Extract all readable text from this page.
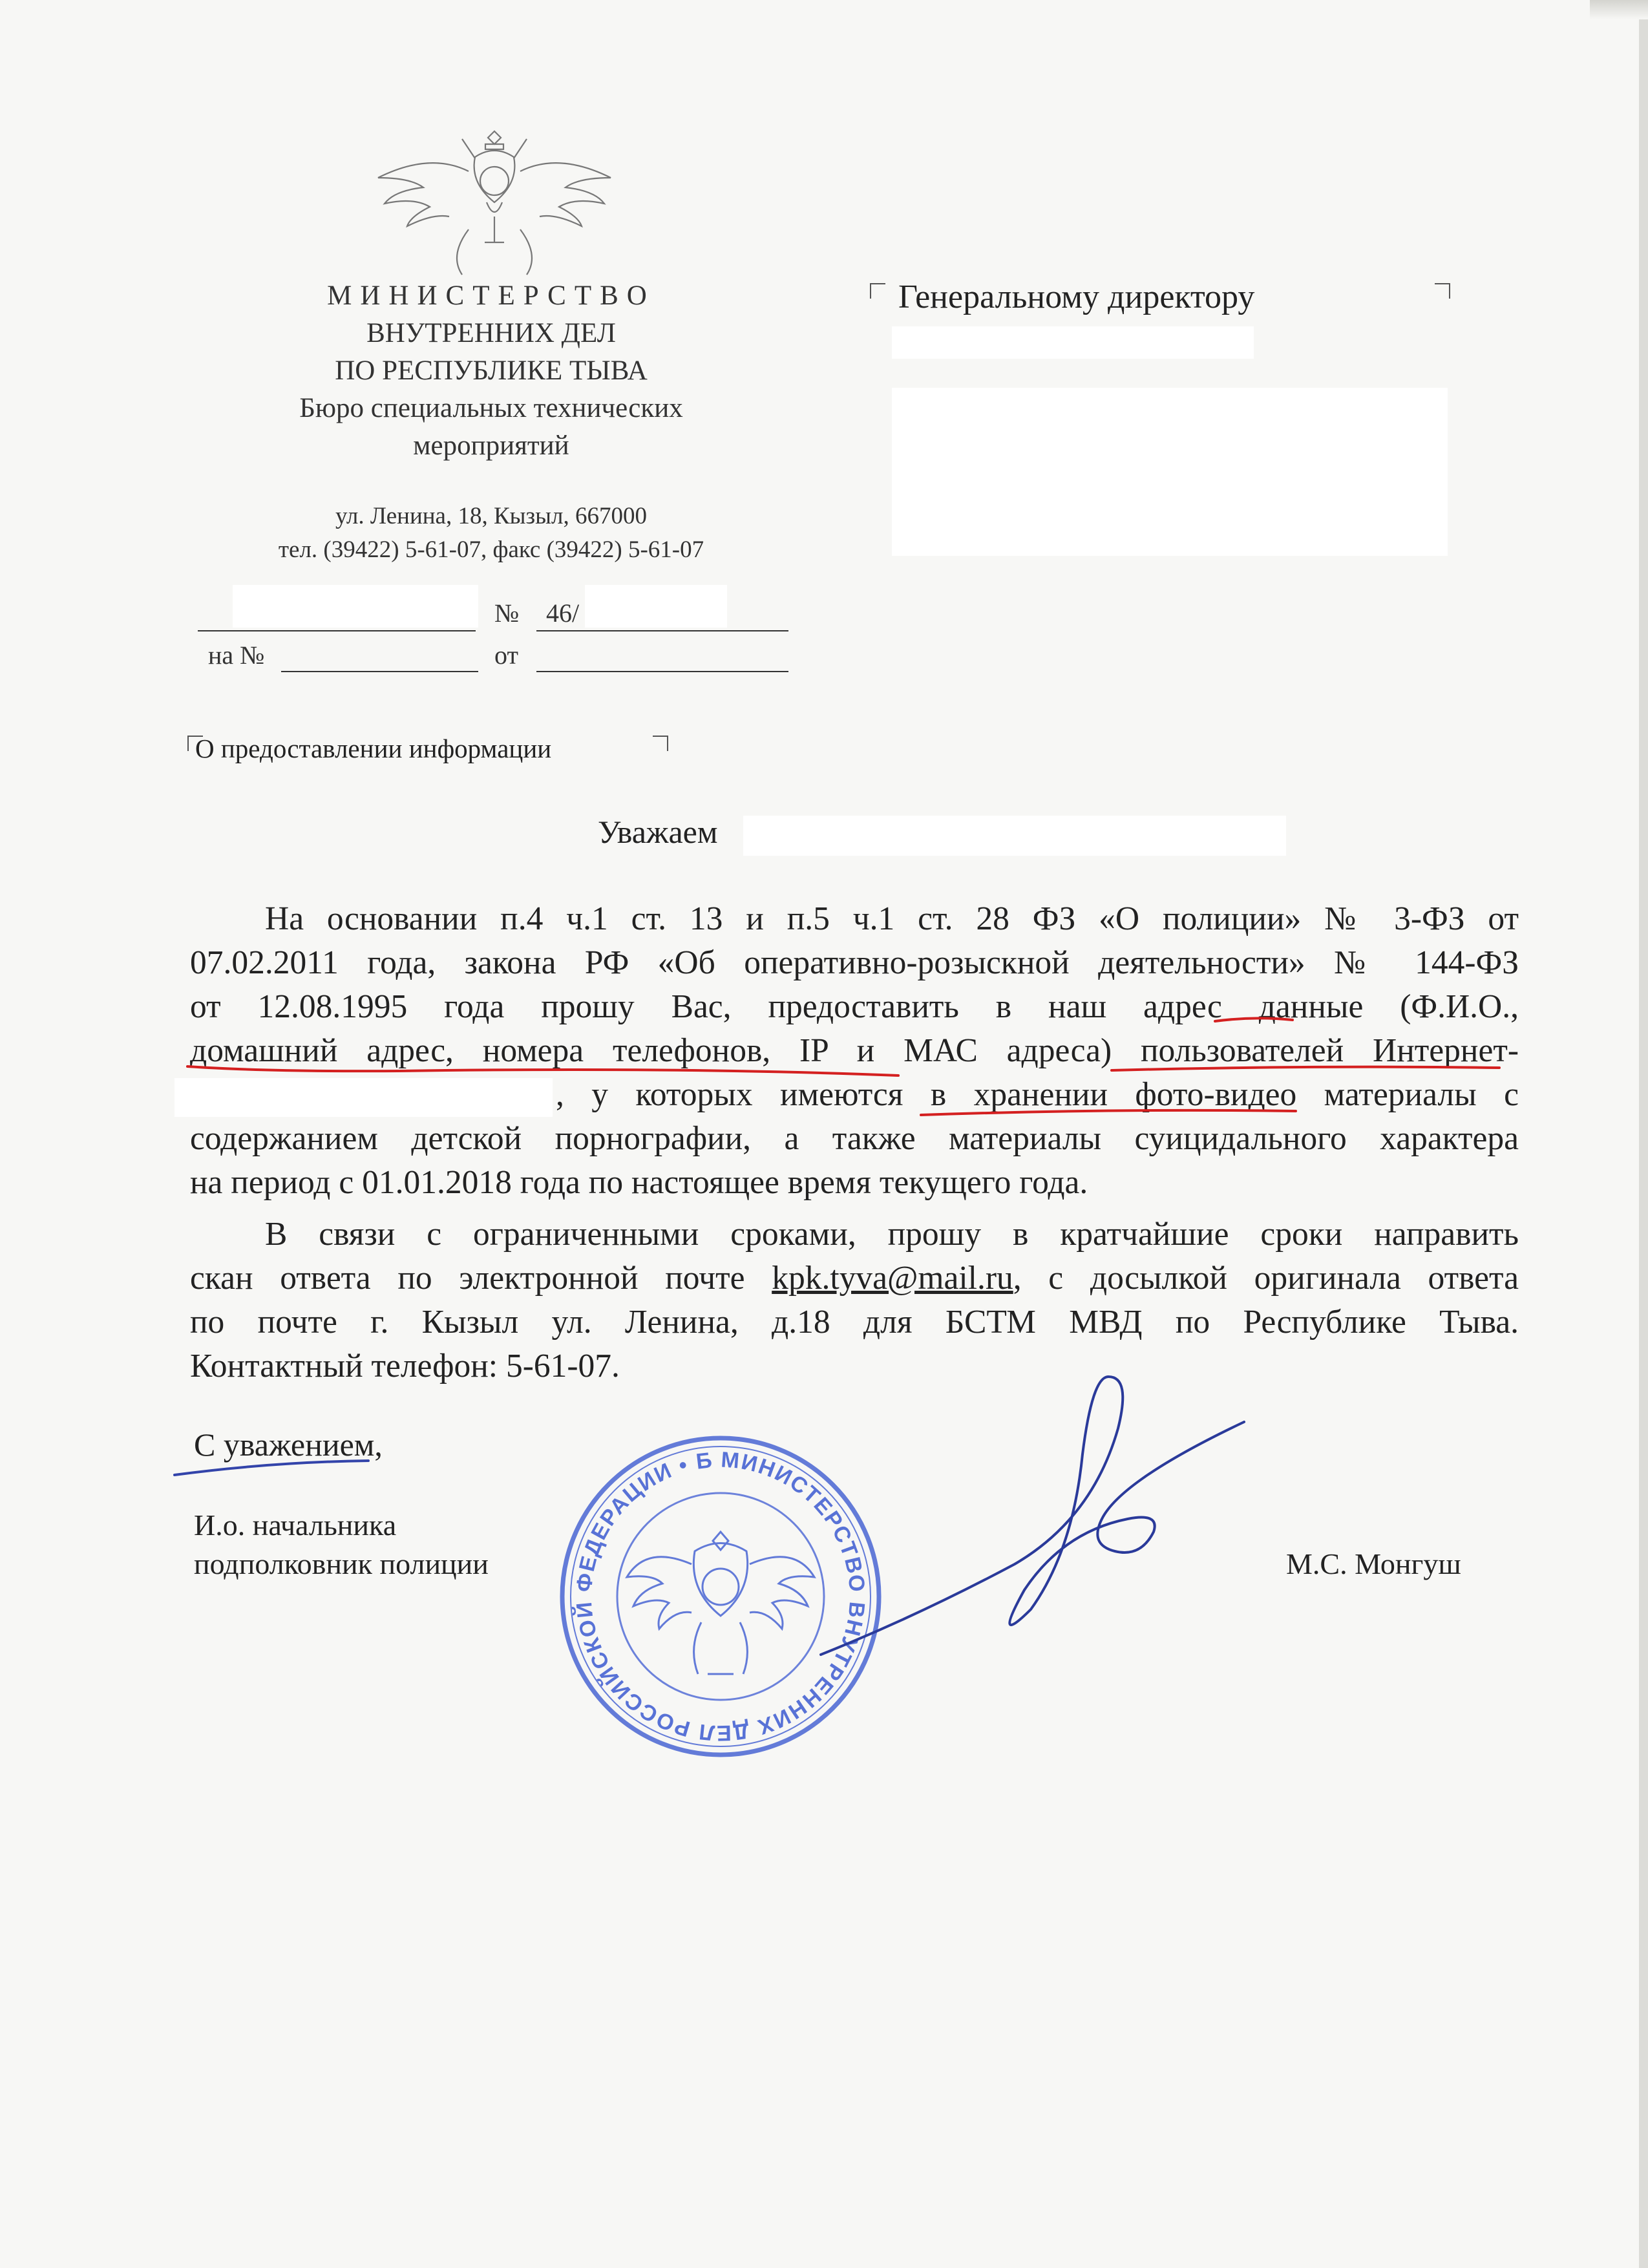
МИНИСТЕРСТВО
ВНУТРЕННИХ ДЕЛ
ПО РЕСПУБЛИКЕ ТЫВА
Бюро специальных технических
мероприятий
ул. Ленина, 18, Кызыл, 667000
тел. (39422) 5-61-07, факс (39422) 5-61-07
№ 46/
на №	от
Генеральному директору
О предоставлении информации
Уважаем
На основании п.4 ч.1 ст. 13 и п.5 ч.1 ст. 28 ФЗ «О полиции» № 3-ФЗ от
07.02.2011 года, закона РФ «Об оперативно-розыскной деятельности» № 144-ФЗ
от 12.08.1995 года прошу Вас, предоставить в наш адрес данные (Ф.И.О.,
домашний адрес, номера телефонов, IP и МАС адреса) пользователей Интернет-
, у которых имеются в хранении фото-видео материалы с
содержанием детской порнографии, а также материалы суицидального характера
на период с 01.01.2018 года по настоящее время текущего года.
В связи с ограниченными сроками, прошу в кратчайшие сроки направить
скан ответа по электронной почте kpk.tyva@mail.ru, с досылкой оригинала ответа
по почте г. Кызыл ул. Ленина, д.18 для БСТМ МВД по Республике Тыва.
Контактный телефон: 5-61-07.
С уважением,
И.о. начальника
подполковник полиции	М.С. Монгуш
МИНИСТЕРСТВО ВНУТРЕННИХ ДЕЛ РОССИЙСКОЙ ФЕДЕРАЦИИ • БЮРО СПЕЦИАЛЬНЫХ ТЕХНИЧЕСКИХ МЕРОПРИЯТИЙ • ТЫВА •
